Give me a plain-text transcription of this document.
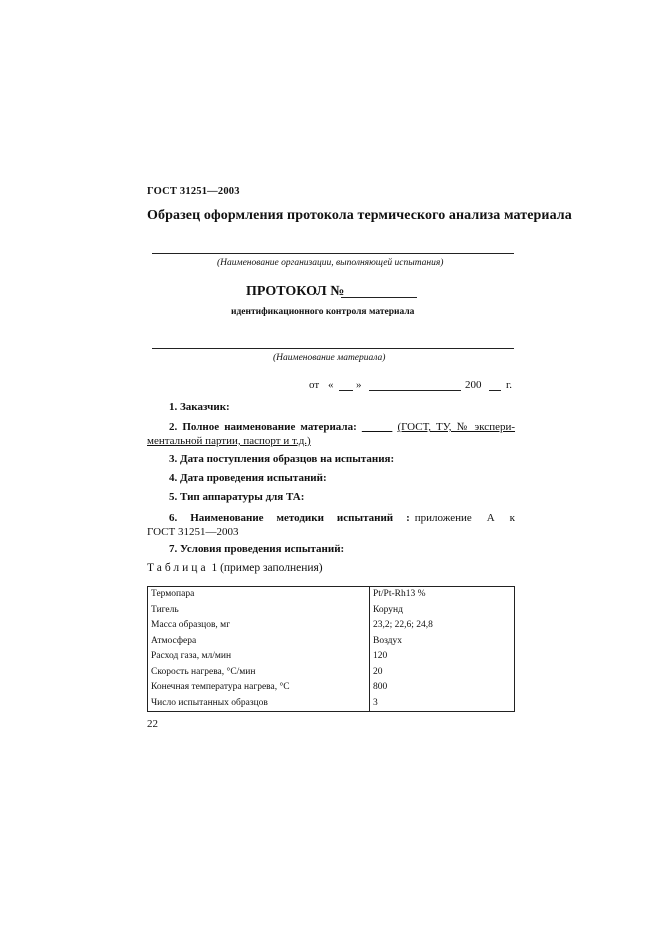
ГОСТ 31251—2003
Образец оформления протокола термического анализа материала
(Наименование организации, выполняющей испытания)
ПРОТОКОЛ №
идентификационного контроля материала
(Наименование материала)
от « »	200 г.
1. Заказчик:
2. Полное наименование материала:	(ГОСТ, ТУ, № экспери-
ментальной партии, паспорт и т.д.)
3. Дата поступления образцов на испытания:
4. Дата проведения испытаний:
5. Тип аппаратуры для ТА:
6. Наименование методики испытаний : приложение А к
ГОСТ 31251—2003
7. Условия проведения испытаний:
Таблица 1 (пример заполнения)
Термопара	Pt/Pt-Rh13 %
Тигель	Корунд
Масса образцов, мг	23,2; 22,6; 24,8
Атмосфера	Воздух
Расход газа, мл/мин	120
Скорость нагрева, °С/мин	20
Конечная температура нагрева, °С	800
Число испытанных образцов	3
22
